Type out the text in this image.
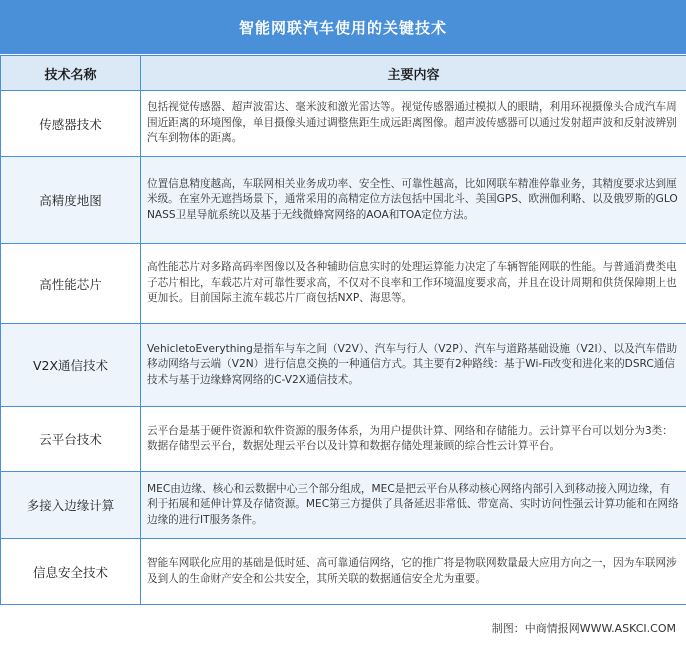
智能网联汽车使用的关键技术
技术名称	主要内容
传感器技术	包括视觉传感器、超声波雷达、毫米波和激光雷达等。视觉传感器通过模拟人的眼睛，利用环视摄像头合成汽车周围近距离的环境图像，单目摄像头通过调整焦距生成远距离图像。超声波传感器可以通过发射超声波和反射波辨别汽车到物体的距离。
高精度地图	位置信息精度越高，车联网相关业务成功率、安全性、可靠性越高，比如网联车精准停靠业务，其精度要求达到厘米级。在室外无遮挡场景下，通常采用的高精定位方法包括中国北斗、美国GPS、欧洲伽利略、以及俄罗斯的GLONASS卫星导航系统以及基于无线微蜂窝网络的AOA和TOA定位方法。
高性能芯片	高性能芯片对多路高码率图像以及各种辅助信息实时的处理运算能力决定了车辆智能网联的性能。与普通消费类电子芯片相比，车载芯片对可靠性要求高，不仅对不良率和工作环境温度要求高，并且在设计周期和供货保障期上也更加长。目前国际主流车载芯片厂商包括NXP、海思等。
V2X通信技术	VehicletoEverything是指车与车之间（V2V）、汽车与行人（V2P）、汽车与道路基础设施（V2I）、以及汽车借助移动网络与云端（V2N）进行信息交换的一种通信方式。其主要有2种路线：基于Wi-Fi改变和进化来的DSRC通信技术与基于边缘蜂窝网络的C-V2X通信技术。
云平台技术	云平台是基于硬件资源和软件资源的服务体系，为用户提供计算、网络和存储能力。云计算平台可以划分为3类：数据存储型云平台，数据处理云平台以及计算和数据存储处理兼顾的综合性云计算平台。
多接入边缘计算	MEC由边缘、核心和云数据中心三个部分组成，MEC是把云平台从移动核心网络内部引入到移动接入网边缘，有利于拓展和延伸计算及存储资源。MEC第三方提供了具备延迟非常低、带宽高、实时访问性强云计算功能和在网络边缘的进行IT服务条件。
信息安全技术	智能车网联化应用的基础是低时延、高可靠通信网络，它的推广将是物联网数量最大应用方向之一，因为车联网涉及到人的生命财产安全和公共安全，其所关联的数据通信安全尤为重要。
制图：中商情报网WWW.ASKCI.COM
